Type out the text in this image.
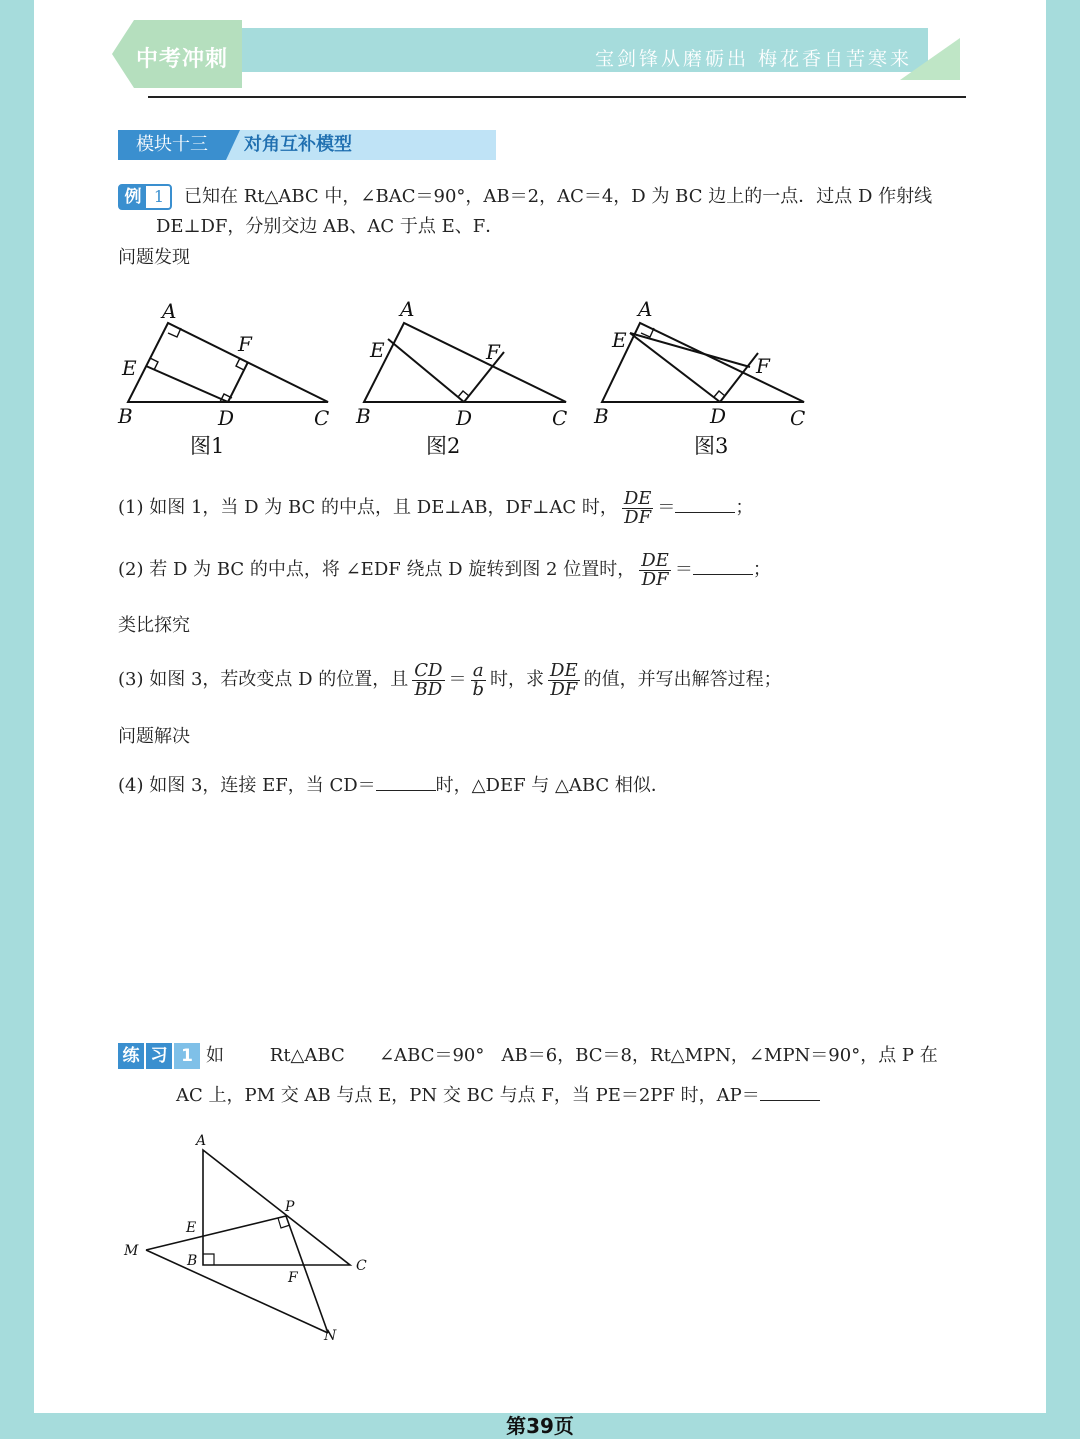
中考冲刺	宝剑锋从磨砺出 梅花香自苦寒来
模块十三	对角互补模型
例 1 已知在 Rt△ABC 中，∠BAC＝90°，AB＝2，AC＝4，D 为 BC 边上的一点．过点 D 作射线
DE⊥DF，分别交边 AB、AC 于点 E、F．
问题发现
A
F
E
B	D	C
A
E	F
B	D	C
A
E
F
B	D	C
图1	图2	图3
(1) 如图 1，当 D 为 BC 的中点，且 DE⊥AB，DF⊥AC 时， $\frac{DE}{DF}$ ＝	；
(2) 若 D 为 BC 的中点，将 ∠EDF 绕点 D 旋转到图 2 位置时， $\frac{DE}{DF}$ ＝	；
类比探究
(3) 如图 3，若改变点 D 的位置，且 $\frac{CD}{BD} = \frac{a}{b}$ 时，求 $\frac{DE}{DF}$ 的值，并写出解答过程；
问题解决
(4) 如图 3，连接 EF，当 CD＝	时，△DEF 与 △ABC 相似．
练 习 1 如        Rt△ABC      ∠ABC＝90°   AB＝6，BC＝8，Rt△MPN，∠MPN＝90°，点 P 在
AC 上，PM 交 AB 与点 E，PN 交 BC 与点 F，当 PE＝2PF 时，AP＝
A
P
E
M
B	C
F
N
第39页
